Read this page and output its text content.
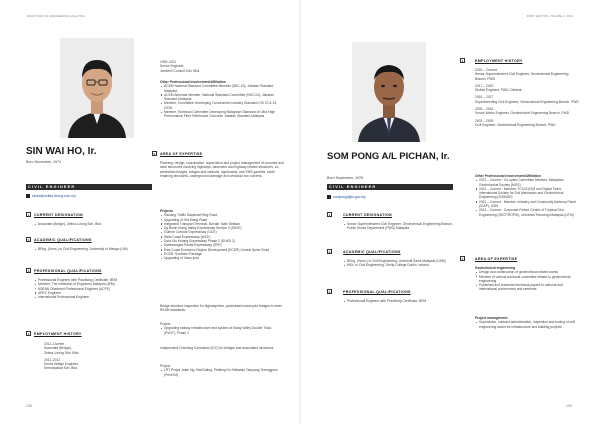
WHO'S WHO IN ENGINEERING MALAYSIA
SIN WAI HO, Ir.
Born December, 1974
CIVIL ENGINEER
sinwh@zetbur-leong.com.my
1	CURRENT DESIGNATION
Associate (Bridge), Zetbur-Leong Sdn. Bhd.
2	ACADEMIC QUALIFICATIONS
BEng. (Hons.) in Civil Engineering, University of Malaya (UM)
3	PROFESSIONAL QUALIFICATIONS
Professional Engineer with Practising Certificate, BEM
Member, The Institution of Engineers Malaysia (IEM)
ASEAN Chartered Professional Engineer (ACPE)
APEC Engineer
International Professional Engineer
4	EMPLOYMENT HISTORY
2012–Current
Associate (Bridge),
Zetbur-Leong Sdn. Bhd.
2011–2012
Senior Bridge Engineer,
Kerhanpakat Sdn. Bhd.
1999–2011
Senior Engineer,
Jurutech Consult Sdn. Bhd.
Other Professional Involvement/Affiliation
ACEM National Standard Committee Member (NSC-16), Jabatan Standard Malaysia
ACEM Alternate Member, National Standard Committee (NSC-04), Jabatan Standard Malaysia
Member, Committee Developing Construction Industry Standard CIS 22 & 23, CIDB
Member, Technical Committee Developing Malaysian Standard of Ultra High Performance Fibre Reinforced Concrete, Jabatan Standard Malaysia
5	AREA OF EXPERTISE
Planning, design, coordination, supervision and project management of concrete and steel structures involving highways, basement and highway related structures, co-pedestrian bridges, bridges and viaducts, signboards, and VMS gantries, earth retaining structures, underground drainage and vehicular box culverts.
Projects
Rawang Traffic Dispersal Ring Road
Upgrading of Old Klang Road
Integrated Transport Terminal, Bandar Tasik Selatan
Sg Buloh Klang Valley Expressway Section 3 (SKVE)
Guthrie Corridor Expressway (GCE)
West Coast Expressway (WCE)
Duta-Ulu Kelang Expressway Phase 2 (DUKE 2)
Setiawangsa-Pantai Expressway (SPE)
East Coast Economic Region Development (ECER) Central Spine Road
ECER: Southern Package
Upgrading of Jalan Ipoh
Bridge structure inspection for highway/river, pedestrian/motorcycle bridges to meet REAM standards.
Project
Upgrading railway infrastructure and system at Klang Valley Double Track (KVDT), Phase 2
Independent Checking Consultant (ICC) for bridges and associated structures
Project
LRT Projek Jalan Ng, Mat Daling, Petaling Ke Setiawan Tampang Terengganu (Pesti IM)
138
FIRST EDITION, VOLUME 2, 2023
SOM PONG A/L PICHAN, Ir.
Born September, 1978
CIVIL ENGINEER
sompong@jkr.gov.my
1	CURRENT DESIGNATION
Senior Superintendent Civil Engineer, Geotechnical Engineering Branch, Public Works Department (PWD) Malaysia
2	ACADEMIC QUALIFICATIONS
BEng. (Hons.) in Civil Engineering, Universiti Sains Malaysia (USM)
MSc. in Civil Engineering, Trinity College Dublin, Ireland
3	PROFESSIONAL QUALIFICATIONS
Professional Engineer with Practising Certificate, BEM
4	EMPLOYMENT HISTORY
2020 – Current
Senior Superintendent Civil Engineer, Geotechnical Engineering Branch, PWD
2017 – 2020
District Engineer, PWD, Dimbak
2016 – 2017
Superintending Civil Engineer, Geotechnical Engineering Branch, PWD
2009 – 2016
Senior Works Engineer, Geotechnical Engineering Branch, PWD
2003 – 2009
Civil Engineer, Geotechnical Engineering Branch, PWD
Other Professional Involvement/Affiliation
2021 – Current : Co-opted Committee Member, Malaysian Geotechnical Society (MGS)
2021 – Current : Member, TC103 (ISM and Digital Twins, International Society for Soil Mechanics and Geotechnical Engineering (ISSMGE)
2021 – Current : Member, Industry and Community Advisory Panel (ICAP), USM
2014 – Current : Corporate Fellow, Centre of Tropical Geo-Engineering (GEOTROPIK), Universiti Teknologi Malaysia (UTM)
5	AREA OF EXPERTISE
Geotechnical engineering
Design and construction of geotechnical related works
Member of various technical committee related to geotechnical engineering
Published and presented technical papers in national and international conferences and seminars
Project management
Supervision, contract administration, inspection and testing of civil engineering works for infrastructure and building projects
139
